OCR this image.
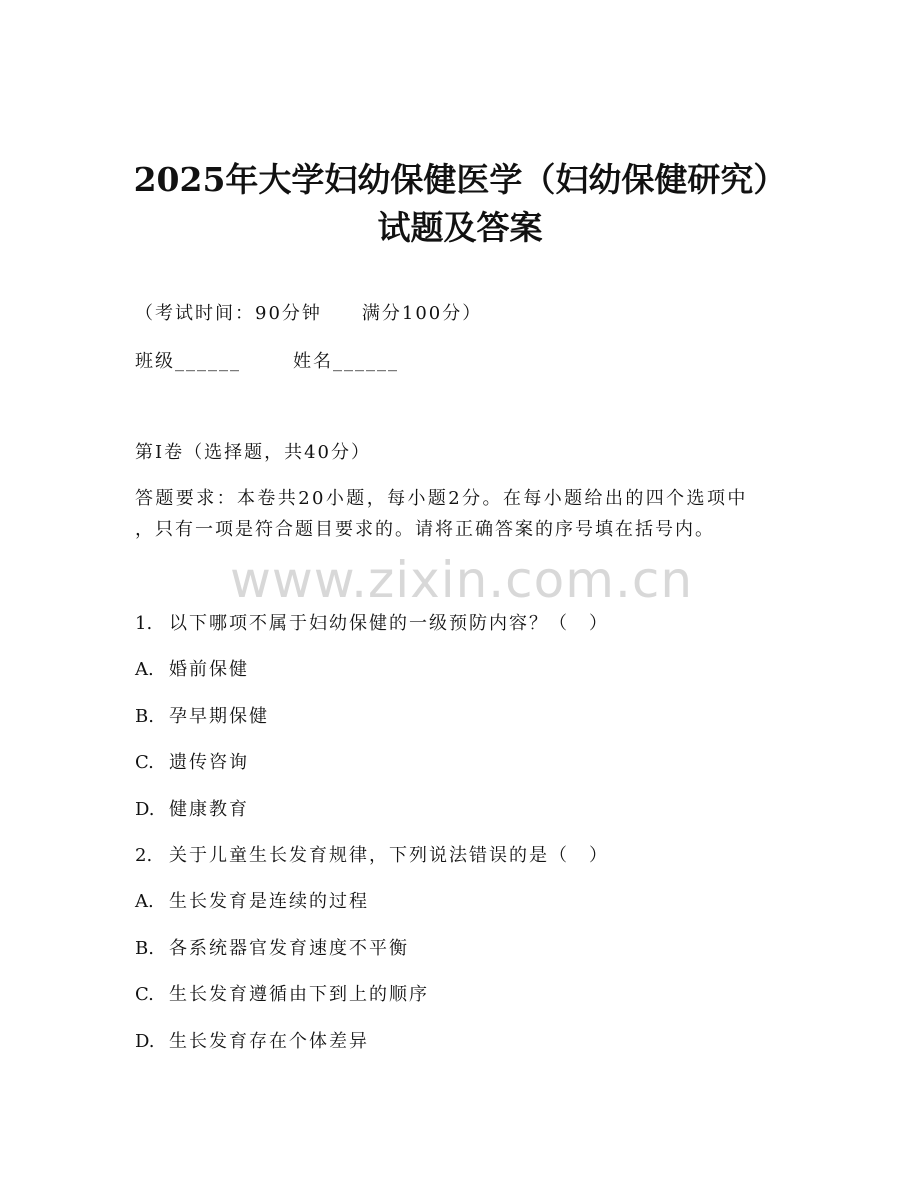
2025年大学妇幼保健医学（妇幼保健研究）
试题及答案

（考试时间：90分钟　　满分100分）

班级______	姓名______

第I卷（选择题，共40分）

答题要求：本卷共20小题，每小题2分。在每小题给出的四个选项中

，只有一项是符合题目要求的。请将正确答案的序号填在括号内。

www.zixin.com.cn

1. 以下哪项不属于妇幼保健的一级预防内容？（　）

A. 婚前保健

B. 孕早期保健

C. 遗传咨询

D. 健康教育

2. 关于儿童生长发育规律，下列说法错误的是（　）

A. 生长发育是连续的过程

B. 各系统器官发育速度不平衡

C. 生长发育遵循由下到上的顺序

D. 生长发育存在个体差异
